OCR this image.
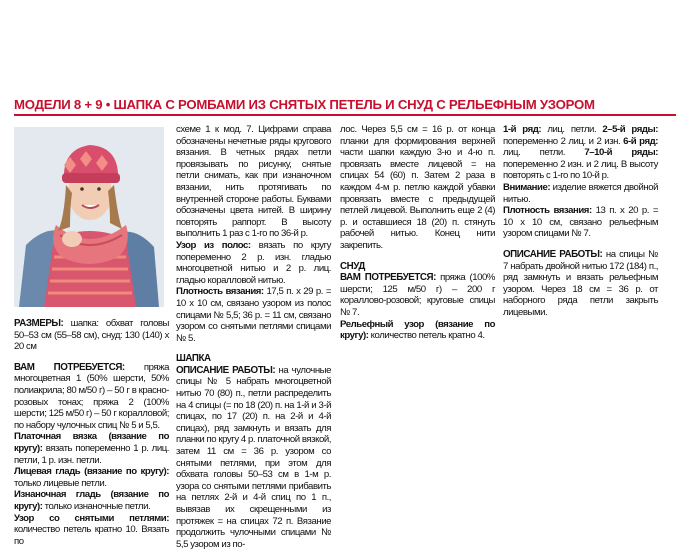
МОДЕЛИ 8 + 9 • ШАПКА С РОМБАМИ ИЗ СНЯТЫХ ПЕТЕЛЬ И СНУД С РЕЛЬЕФНЫМ УЗОРОМ

РАЗМЕРЫ: шапка: обхват головы 50–53 см (55–58 см), снуд: 130 (140) х 20 см

ВАМ ПОТРЕБУЕТСЯ: пряжа многоцветная 1 (50% шерсти, 50% полиакрила; 80 м/50 г) – 50 г в красно-розовых тонах; пряжа 2 (100% шерсти; 125 м/50 г) – 50 г коралловой; по набору чулочных спиц № 5 и 5,5.

Платочная вязка (вязание по кругу): вязать попеременно 1 р. лиц. петли, 1 р. изн. петли.

Лицевая гладь (вязание по кругу): только лицевые петли.

Изнаночная гладь (вязание по кругу): только изнаночные петли.

Узор со снятыми петлями: количество петель кратно 10. Вязать по

схеме 1 к мод. 7. Цифрами справа обозначены нечетные ряды кругового вязания. В четных рядах петли провязывать по рисунку, снятые петли снимать, как при изнаночном вязании, нить протягивать по внутренней стороне работы. Буквами обозначены цвета нитей. В ширину повторять раппорт. В высоту выполнить 1 раз с 1-го по 36-й р.

Узор из полос: вязать по кругу попеременно 2 р. изн. гладью многоцветной нитью и 2 р. лиц. гладью коралловой нитью.

Плотность вязания: 17,5 п. х 29 р. = 10 х 10 см, связано узором из полос спицами № 5,5; 36 р. = 11 см, связано узором со снятыми петлями спицами № 5.

ШАПКА

ОПИСАНИЕ РАБОТЫ: на чулочные спицы № 5 набрать многоцветной нитью 70 (80) п., петли распределить на 4 спицы (= по 18 (20) п. на 1-й и 3-й спицах, по 17 (20) п. на 2-й и 4-й спицах), ряд замкнуть и вязать для планки по кругу 4 р. платочной вязкой, затем 11 см = 36 р. узором со снятыми петлями, при этом для обхвата головы 50–53 см в 1-м р. узора со снятыми петлями прибавить на петлях 2-й и 4-й спиц по 1 п., вывязав их скрещенными из протяжек = на спицах 72 п. Вязание продолжить чулочными спицами № 5,5 узором из по-

лос. Через 5,5 см = 16 р. от конца планки для формирования верхней части шапки каждую 3-ю и 4-ю п. провязать вместе лицевой = на спицах 54 (60) п. Затем 2 раза в каждом 4-м р. петлю каждой убавки провязать вместе с предыдущей петлей лицевой. Выполнить еще 2 (4) р. и оставшиеся 18 (20) п. стянуть рабочей нитью. Конец нити закрепить.

СНУД

ВАМ ПОТРЕБУЕТСЯ: пряжа (100% шерсти; 125 м/50 г) – 200 г кораллово-розовой; круговые спицы № 7.

Рельефный узор (вязание по кругу): количество петель кратно 4.

1-й ряд: лиц. петли. 2–5-й ряды: попеременно 2 лиц. и 2 изн. 6-й ряд: лиц. петли. 7–10-й ряды: попеременно 2 изн. и 2 лиц. В высоту повторять с 1-го по 10-й р.

Внимание: изделие вяжется двойной нитью.

Плотность вязания: 13 п. х 20 р. = 10 х 10 см, связано рельефным узором спицами № 7.

ОПИСАНИЕ РАБОТЫ: на спицы № 7 набрать двойной нитью 172 (184) п., ряд замкнуть и вязать рельефным узором. Через 18 см = 36 р. от наборного ряда петли закрыть лицевыми.
